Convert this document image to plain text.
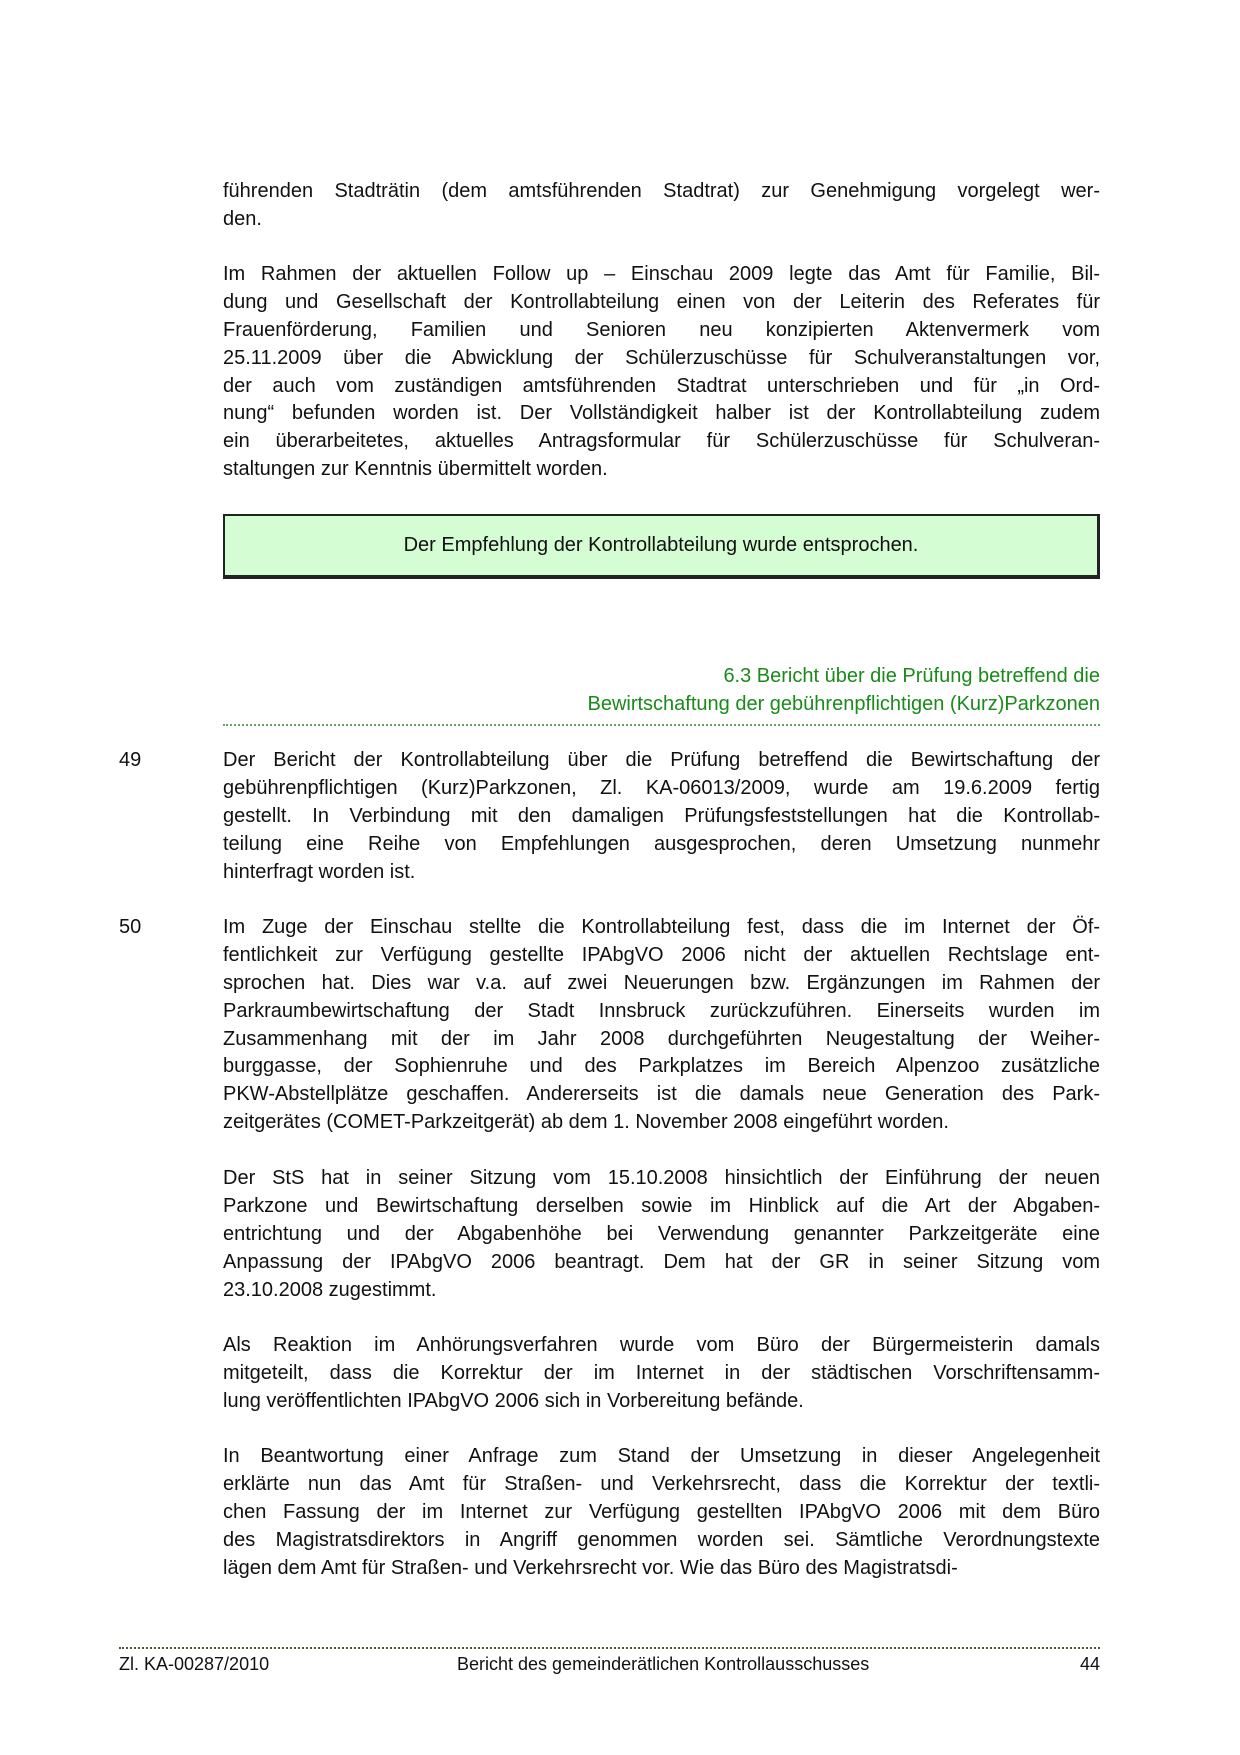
führenden Stadträtin (dem amtsführenden Stadtrat) zur Genehmigung vorgelegt wer-
den.
Im Rahmen der aktuellen Follow up – Einschau 2009 legte das Amt für Familie, Bil-
dung und Gesellschaft der Kontrollabteilung einen von der Leiterin des Referates für
Frauenförderung, Familien und Senioren neu konzipierten Aktenvermerk vom
25.11.2009 über die Abwicklung der Schülerzuschüsse für Schulveranstaltungen vor,
der auch vom zuständigen amtsführenden Stadtrat unterschrieben und für „in Ord-
nung“ befunden worden ist. Der Vollständigkeit halber ist der Kontrollabteilung zudem
ein überarbeitetes, aktuelles Antragsformular für Schülerzuschüsse für Schulveran-
staltungen zur Kenntnis übermittelt worden.
Der Empfehlung der Kontrollabteilung wurde entsprochen.
6.3 Bericht über die Prüfung betreffend die
Bewirtschaftung der gebührenpflichtigen (Kurz)Parkzonen
49	Der Bericht der Kontrollabteilung über die Prüfung betreffend die Bewirtschaftung der
gebührenpflichtigen (Kurz)Parkzonen, Zl. KA-06013/2009, wurde am 19.6.2009 fertig
gestellt. In Verbindung mit den damaligen Prüfungsfeststellungen hat die Kontrollab-
teilung eine Reihe von Empfehlungen ausgesprochen, deren Umsetzung nunmehr
hinterfragt worden ist.
50	Im Zuge der Einschau stellte die Kontrollabteilung fest, dass die im Internet der Öf-
fentlichkeit zur Verfügung gestellte IPAbgVO 2006 nicht der aktuellen Rechtslage ent-
sprochen hat. Dies war v.a. auf zwei Neuerungen bzw. Ergänzungen im Rahmen der
Parkraumbewirtschaftung der Stadt Innsbruck zurückzuführen. Einerseits wurden im
Zusammenhang mit der im Jahr 2008 durchgeführten Neugestaltung der Weiher-
burggasse, der Sophienruhe und des Parkplatzes im Bereich Alpenzoo zusätzliche
PKW-Abstellplätze geschaffen. Andererseits ist die damals neue Generation des Park-
zeitgerätes (COMET-Parkzeitgerät) ab dem 1. November 2008 eingeführt worden.
Der StS hat in seiner Sitzung vom 15.10.2008 hinsichtlich der Einführung der neuen
Parkzone und Bewirtschaftung derselben sowie im Hinblick auf die Art der Abgaben-
entrichtung und der Abgabenhöhe bei Verwendung genannter Parkzeitgeräte eine
Anpassung der IPAbgVO 2006 beantragt. Dem hat der GR in seiner Sitzung vom
23.10.2008 zugestimmt.
Als Reaktion im Anhörungsverfahren wurde vom Büro der Bürgermeisterin damals
mitgeteilt, dass die Korrektur der im Internet in der städtischen Vorschriftensamm-
lung veröffentlichten IPAbgVO 2006 sich in Vorbereitung befände.
In Beantwortung einer Anfrage zum Stand der Umsetzung in dieser Angelegenheit
erklärte nun das Amt für Straßen- und Verkehrsrecht, dass die Korrektur der textli-
chen Fassung der im Internet zur Verfügung gestellten IPAbgVO 2006 mit dem Büro
des Magistratsdirektors in Angriff genommen worden sei. Sämtliche Verordnungstexte
lägen dem Amt für Straßen- und Verkehrsrecht vor. Wie das Büro des Magistratsdi-
Zl. KA-00287/2010	Bericht des gemeinderätlichen Kontrollausschusses	44
